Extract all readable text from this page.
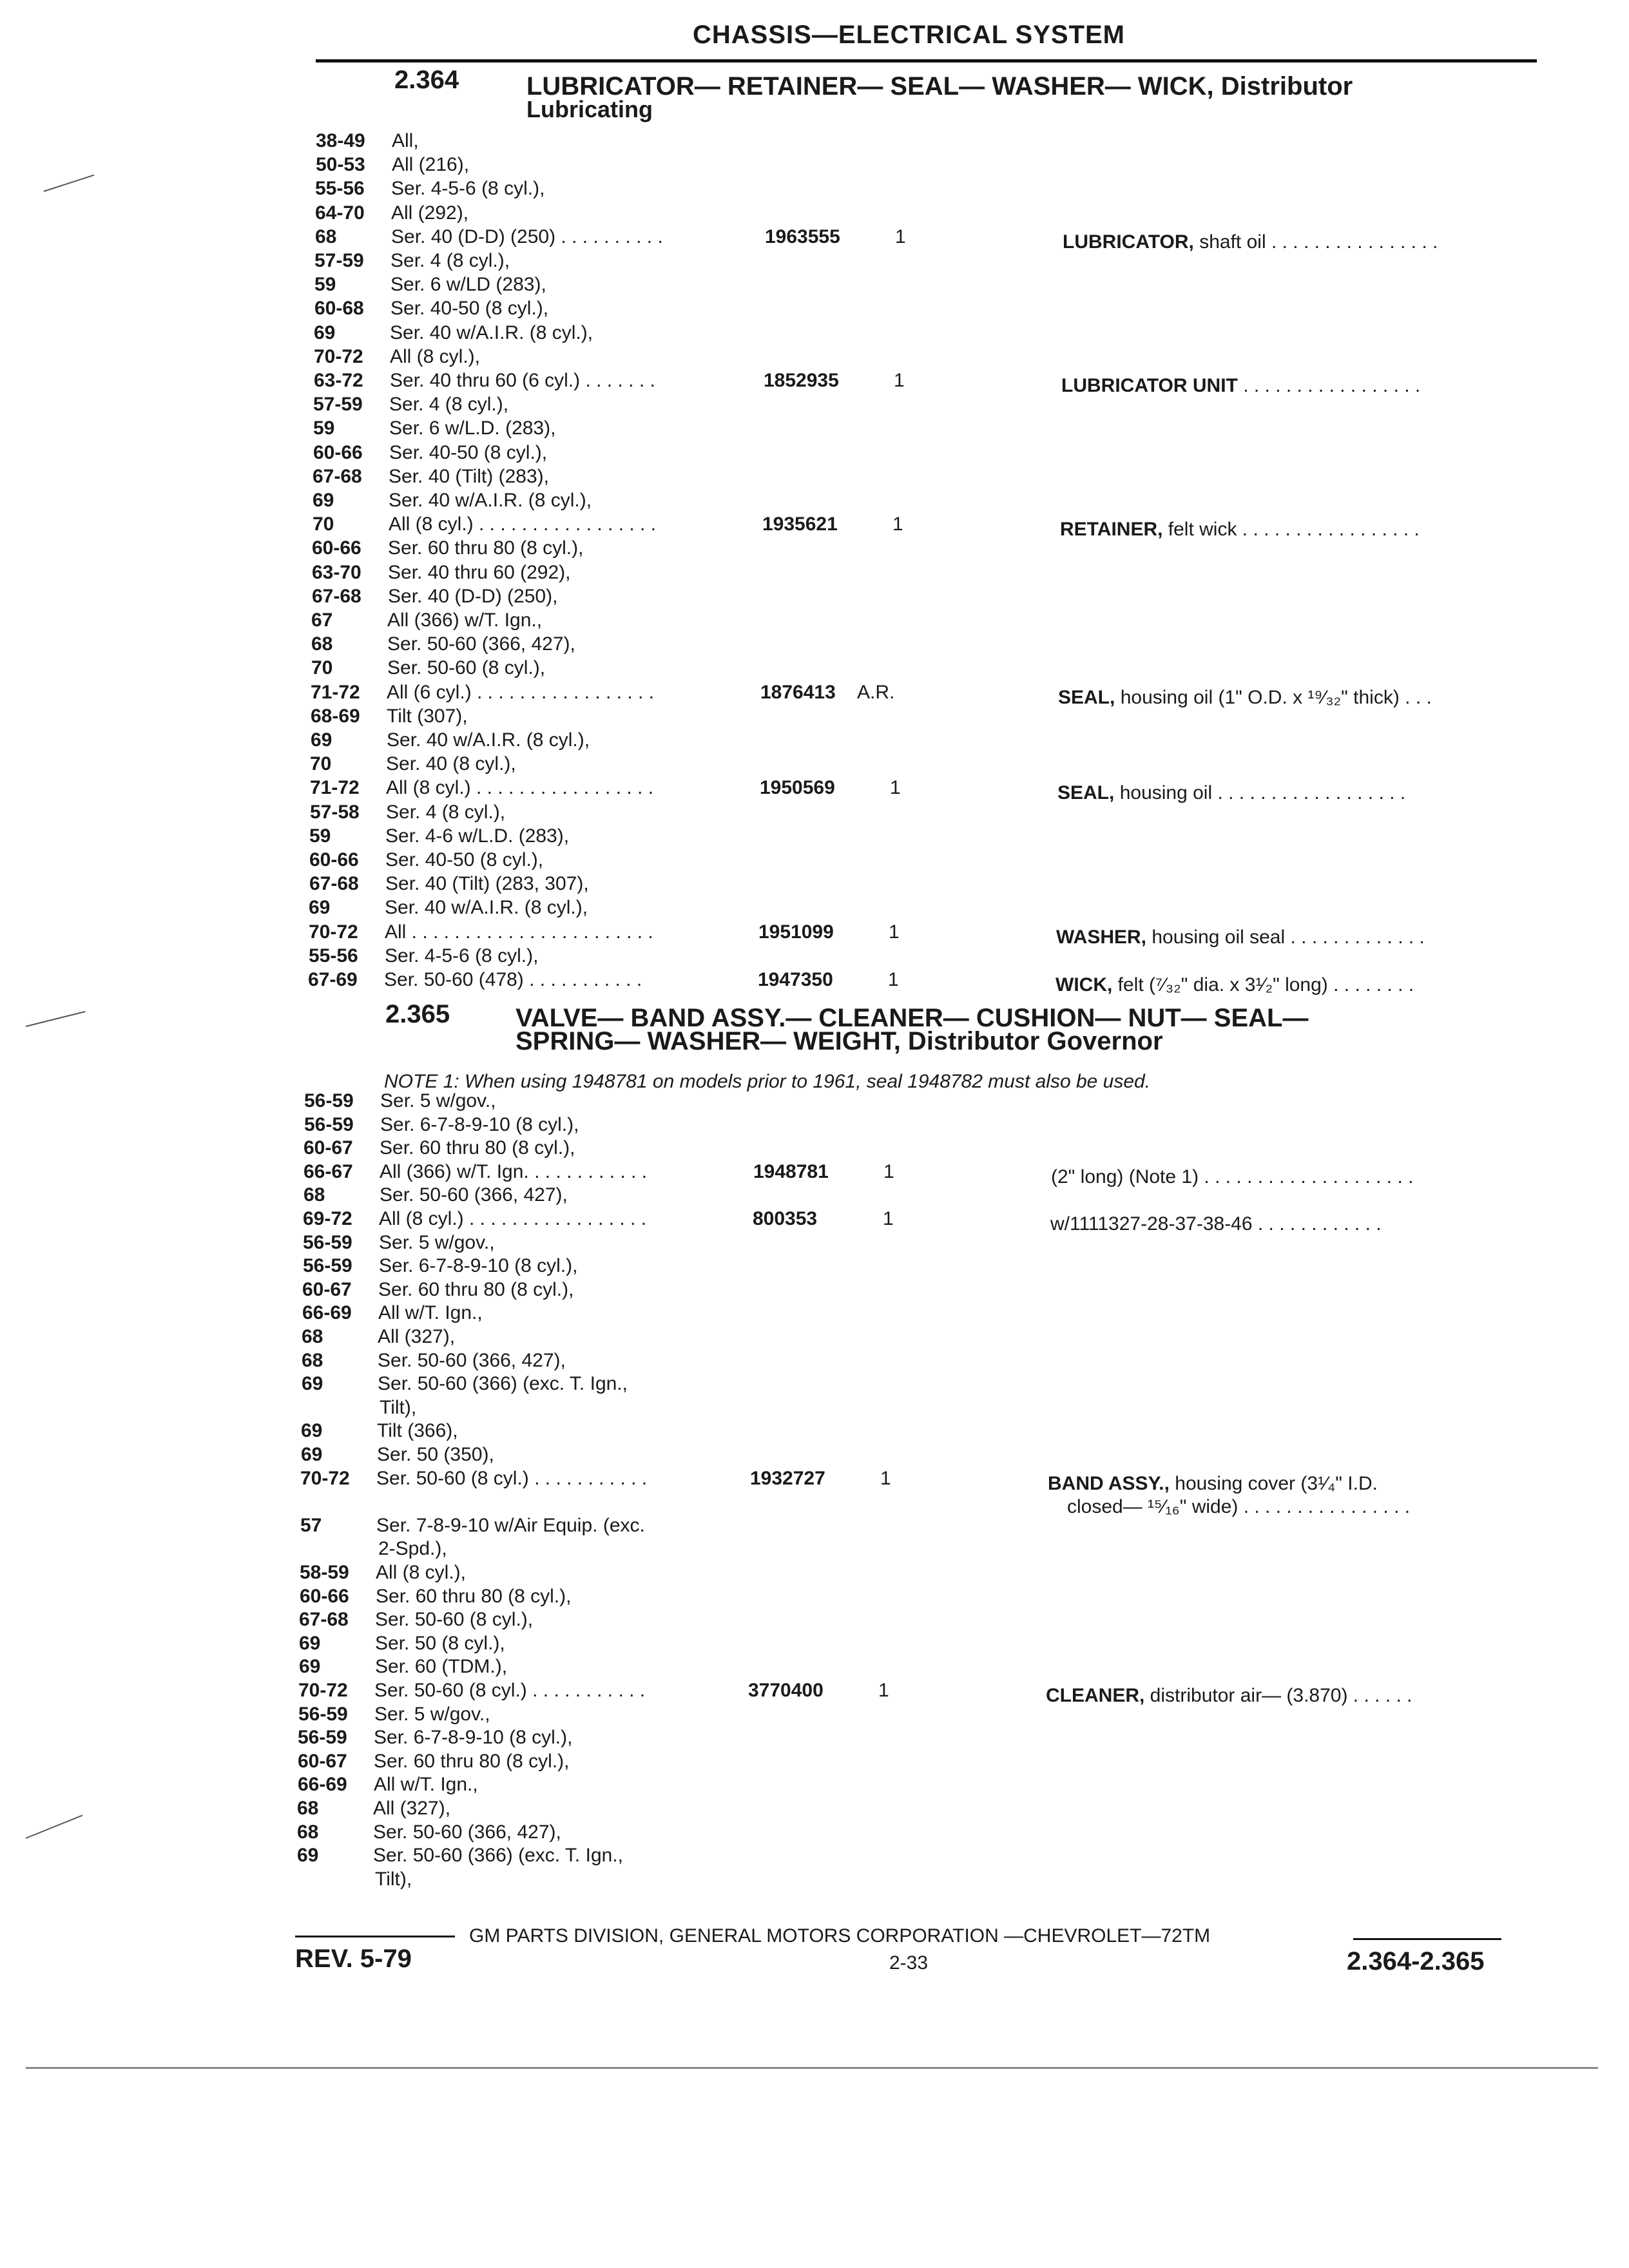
CHASSIS—ELECTRICAL SYSTEM
2.364	LUBRICATOR— RETAINER— SEAL— WASHER— WICK, Distributor
Lubricating
2.365	VALVE— BAND ASSY.— CLEANER— CUSHION— NUT— SEAL—
SPRING— WASHER— WEIGHT, Distributor Governor
NOTE 1: When using 1948781 on models prior to 1961, seal 1948782 must also be used.
38-49	All,
50-53	All (216),
55-56	Ser. 4-5-6 (8 cyl.),
64-70	All (292),
68	Ser. 40 (D-D) (250) . . . . . . . . . .	1963555	1	LUBRICATOR, shaft oil . . . . . . . . . . . . . . . .
57-59	Ser. 4 (8 cyl.),
59	Ser. 6 w/LD (283),
60-68	Ser. 40-50 (8 cyl.),
69	Ser. 40 w/A.I.R. (8 cyl.),
70-72	All (8 cyl.),
63-72	Ser. 40 thru 60 (6 cyl.) . . . . . . .	1852935	1	LUBRICATOR UNIT . . . . . . . . . . . . . . . . .
57-59	Ser. 4 (8 cyl.),
59	Ser. 6 w/L.D. (283),
60-66	Ser. 40-50 (8 cyl.),
67-68	Ser. 40 (Tilt) (283),
69	Ser. 40 w/A.I.R. (8 cyl.),
70	All (8 cyl.) . . . . . . . . . . . . . . . . .	1935621	1	RETAINER, felt wick . . . . . . . . . . . . . . . . .
60-66	Ser. 60 thru 80 (8 cyl.),
63-70	Ser. 40 thru 60 (292),
67-68	Ser. 40 (D-D) (250),
67	All (366) w/T. Ign.,
68	Ser. 50-60 (366, 427),
70	Ser. 50-60 (8 cyl.),
71-72	All (6 cyl.) . . . . . . . . . . . . . . . . .	1876413 A.R.	SEAL, housing oil (1" O.D. x ¹⁹⁄₃₂" thick) . . .
68-69	Tilt (307),
69	Ser. 40 w/A.I.R. (8 cyl.),
70	Ser. 40 (8 cyl.),
71-72	All (8 cyl.) . . . . . . . . . . . . . . . . .	1950569	1	SEAL, housing oil . . . . . . . . . . . . . . . . . .
57-58	Ser. 4 (8 cyl.),
59	Ser. 4-6 w/L.D. (283),
60-66	Ser. 40-50 (8 cyl.),
67-68	Ser. 40 (Tilt) (283, 307),
69	Ser. 40 w/A.I.R. (8 cyl.),
70-72	All . . . . . . . . . . . . . . . . . . . . . . .	1951099	1	WASHER, housing oil seal . . . . . . . . . . . . .
55-56	Ser. 4-5-6 (8 cyl.),
67-69	Ser. 50-60 (478) . . . . . . . . . . .	1947350	1	WICK, felt (⁷⁄₃₂" dia. x 3¹⁄₂" long) . . . . . . . .
56-59	Ser. 5 w/gov.,
56-59	Ser. 6-7-8-9-10 (8 cyl.),
60-67	Ser. 60 thru 80 (8 cyl.),
66-67	All (366) w/T. Ign. . . . . . . . . . . .	1948781	1	(2" long) (Note 1) . . . . . . . . . . . . . . . . . . . .
68	Ser. 50-60 (366, 427),
69-72	All (8 cyl.) . . . . . . . . . . . . . . . . .	800353	1	w/1111327-28-37-38-46 . . . . . . . . . . . .
56-59	Ser. 5 w/gov.,
56-59	Ser. 6-7-8-9-10 (8 cyl.),
60-67	Ser. 60 thru 80 (8 cyl.),
66-69	All w/T. Ign.,
68	All (327),
68	Ser. 50-60 (366, 427),
69	Ser. 50-60 (366) (exc. T. Ign.,
Tilt),
69	Tilt (366),
69	Ser. 50 (350),
70-72	Ser. 50-60 (8 cyl.) . . . . . . . . . . .	1932727	1	BAND ASSY., housing cover (3¹⁄₄" I.D.
closed— ¹⁵⁄₁₆" wide) . . . . . . . . . . . . . . . .
57	Ser. 7-8-9-10 w/Air Equip. (exc.
2-Spd.),
58-59	All (8 cyl.),
60-66	Ser. 60 thru 80 (8 cyl.),
67-68	Ser. 50-60 (8 cyl.),
69	Ser. 50 (8 cyl.),
69	Ser. 60 (TDM.),
70-72	Ser. 50-60 (8 cyl.) . . . . . . . . . . .	3770400	1	CLEANER, distributor air— (3.870) . . . . . .
56-59	Ser. 5 w/gov.,
56-59	Ser. 6-7-8-9-10 (8 cyl.),
60-67	Ser. 60 thru 80 (8 cyl.),
66-69	All w/T. Ign.,
68	All (327),
68	Ser. 50-60 (366, 427),
69	Ser. 50-60 (366) (exc. T. Ign.,
Tilt),
GM PARTS DIVISION, GENERAL MOTORS CORPORATION —CHEVROLET—72TM
REV. 5-79	2-33	2.364-2.365
